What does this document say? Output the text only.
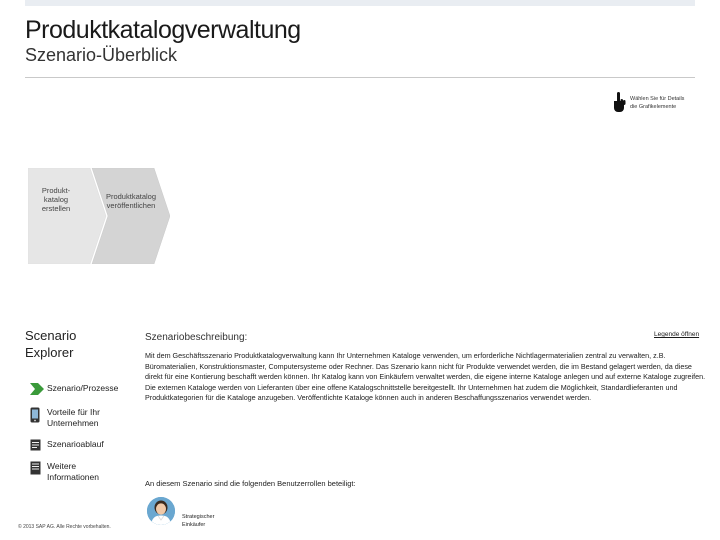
Produktkatalogverwaltung
Szenario-Überblick
Wählen Sie für Details
die Grafikelemente
Produkt-
katalog
erstellen
Produktkatalog
veröffentlichen
Scenario
Explorer
Szenario/Prozesse
Vorteile für Ihr
Unternehmen
Szenarioablauf
Weitere
Informationen
© 2013 SAP AG. Alle Rechte vorbehalten.
Szenariobeschreibung:	Legende öffnen
Mit dem Geschäftsszenario Produktkatalogverwaltung kann Ihr Unternehmen Kataloge verwenden, um erforderliche Nichtlagermaterialien zentral zu verwalten, z.B. Büromaterialien, Konstruktionsmaster, Computersysteme oder Rechner. Das Szenario kann nicht für Produkte verwendet werden, die im Bestand gelagert werden, da diese direkt für eine Kontierung beschafft werden können. Ihr Katalog kann von Einkäufern verwaltet werden, die eigene interne Kataloge anlegen und auf externe Kataloge zugreifen. Die externen Kataloge werden von Lieferanten über eine offene Katalogschnittstelle bereitgestellt. Ihr Unternehmen hat zudem die Möglichkeit, Standardlieferanten und Produktkategorien für die Kataloge anzugeben. Veröffentlichte Kataloge können auch in anderen Beschaffungsszenarios verwendet werden.
An diesem Szenario sind die folgenden Benutzerrollen beteiligt:
Strategischer
Einkäufer
